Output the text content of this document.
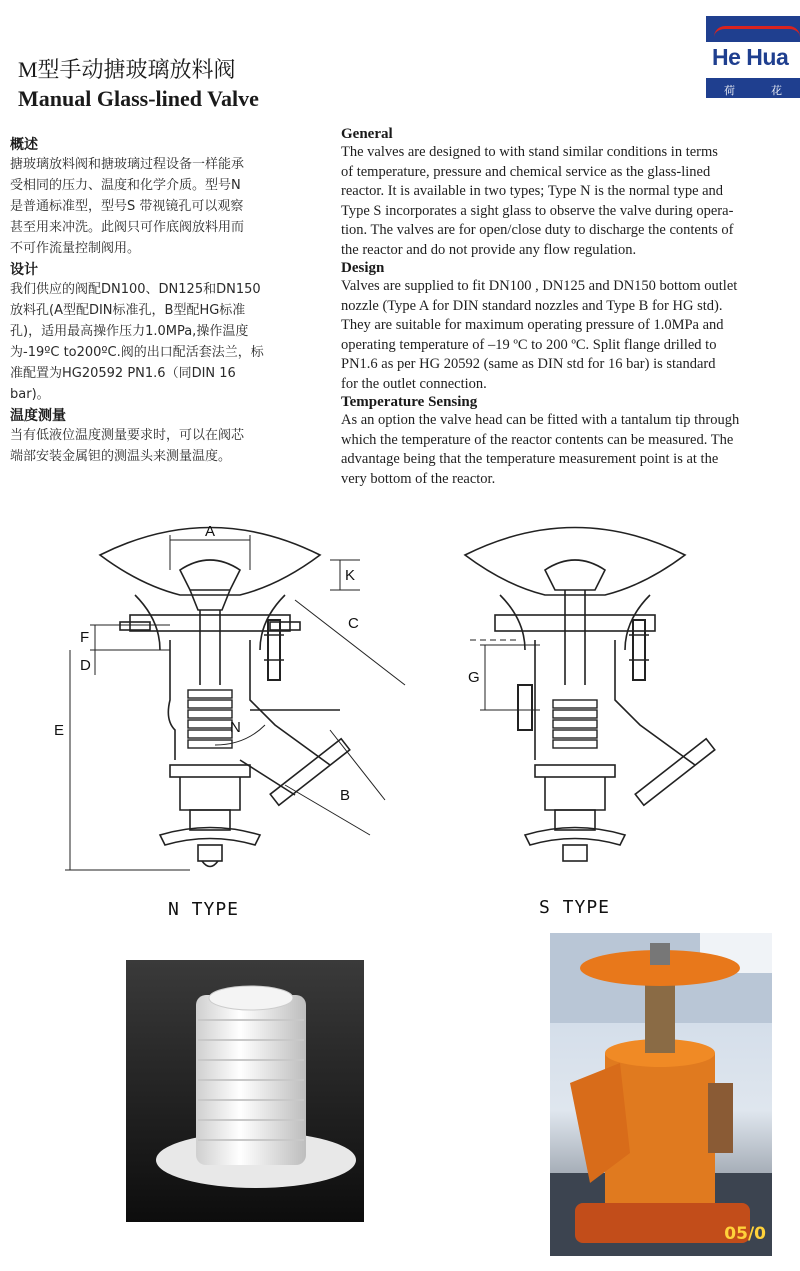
He Hua
荷	花
M型手动搪玻璃放料阀
Manual Glass-lined Valve
概述
搪玻璃放料阀和搪玻璃过程设备一样能承
受相同的压力、温度和化学介质。型号N
是普通标准型，型号S 带视镜孔可以观察
甚至用来冲洗。此阀只可作底阀放料用而
不可作流量控制阀用。
设计
我们供应的阀配DN100、DN125和DN150
放料孔(A型配DIN标准孔，B型配HG标准
孔)，适用最高操作压力1.0MPa,操作温度
为-19ºC to200ºC.阀的出口配活套法兰，标
准配置为HG20592 PN1.6（同DIN 16
bar)。
温度测量
当有低液位温度测量要求时，可以在阀芯
端部安装金属钽的测温头来测量温度。
General
The valves are designed to with stand similar conditions in terms
of temperature, pressure and chemical service as the glass-lined
reactor. It is available in two types; Type N is the normal type and
Type S incorporates a sight glass to observe the valve during opera-
tion. The valves are for open/close duty to discharge the contents of
the reactor and do not provide any flow regulation.
Design
Valves are supplied to fit DN100 , DN125 and DN150 bottom outlet
nozzle (Type A for DIN standard nozzles and Type B for HG std).
They are suitable for maximum operating pressure of 1.0MPa and
operating temperature of –19 ºC to 200 ºC. Split flange drilled to
PN1.6 as per HG 20592 (same as DIN std for 16 bar) is standard
for the outlet connection.
Temperature Sensing
As an option the valve head can be fitted with a tantalum tip through
which the temperature of the reactor contents can be measured. The
advantage being that the temperature measurement point is at the
very bottom of the reactor.
A
K
C
F
D
E	N
B
N TYPE
G
S TYPE
05/0
